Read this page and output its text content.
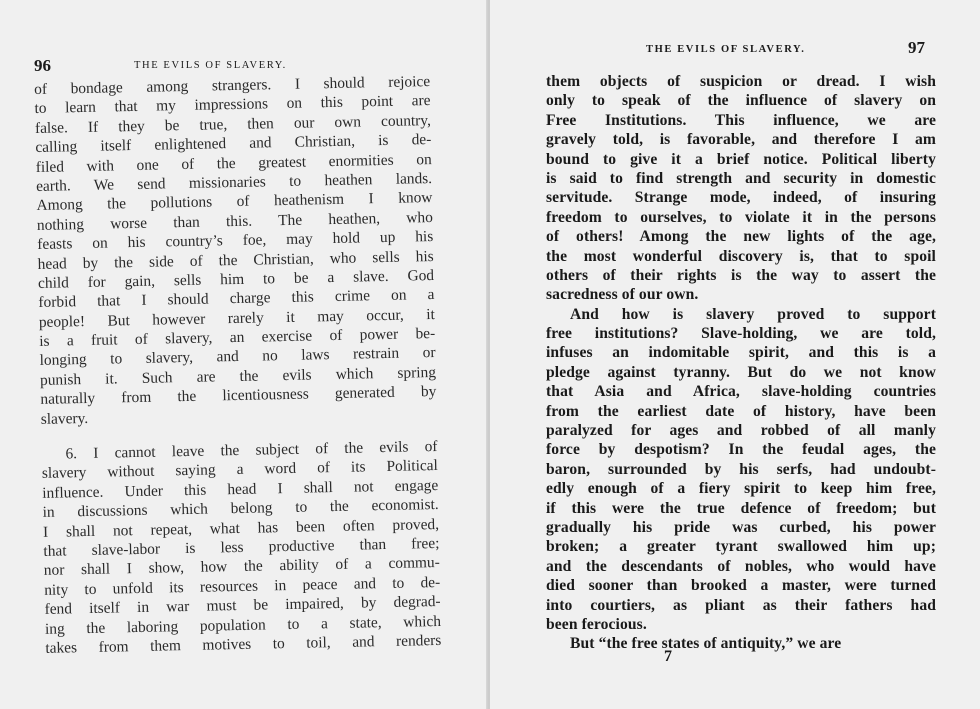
96	THE EVILS OF SLAVERY.
of bondage among strangers. I should rejoice
to learn that my impressions on this point are
false. If they be true, then our own country,
calling itself enlightened and Christian, is de-
filed with one of the greatest enormities on
earth. We send missionaries to heathen lands.
Among the pollutions of heathenism I know
nothing worse than this. The heathen, who
feasts on his country’s foe, may hold up his
head by the side of the Christian, who sells his
child for gain, sells him to be a slave. God
forbid that I should charge this crime on a
people! But however rarely it may occur, it
is a fruit of slavery, an exercise of power be-
longing to slavery, and no laws restrain or
punish it. Such are the evils which spring
naturally from the licentiousness generated by
slavery.
6. I cannot leave the subject of the evils of
slavery without saying a word of its Political
influence. Under this head I shall not engage
in discussions which belong to the economist.
I shall not repeat, what has been often proved,
that slave-labor is less productive than free;
nor shall I show, how the ability of a commu-
nity to unfold its resources in peace and to de-
fend itself in war must be impaired, by degrad-
ing the laboring population to a state, which
takes from them motives to toil, and renders
97
THE EVILS OF SLAVERY.
them objects of suspicion or dread. I wish
only to speak of the influence of slavery on
Free Institutions. This influence, we are
gravely told, is favorable, and therefore I am
bound to give it a brief notice. Political liberty
is said to find strength and security in domestic
servitude. Strange mode, indeed, of insuring
freedom to ourselves, to violate it in the persons
of others! Among the new lights of the age,
the most wonderful discovery is, that to spoil
others of their rights is the way to assert the
sacredness of our own.
And how is slavery proved to support
free institutions? Slave-holding, we are told,
infuses an indomitable spirit, and this is a
pledge against tyranny. But do we not know
that Asia and Africa, slave-holding countries
from the earliest date of history, have been
paralyzed for ages and robbed of all manly
force by despotism? In the feudal ages, the
baron, surrounded by his serfs, had undoubt-
edly enough of a fiery spirit to keep him free,
if this were the true defence of freedom; but
gradually his pride was curbed, his power
broken; a greater tyrant swallowed him up;
and the descendants of nobles, who would have
died sooner than brooked a master, were turned
into courtiers, as pliant as their fathers had
been ferocious.
But “the free states of antiquity,” we are
7
